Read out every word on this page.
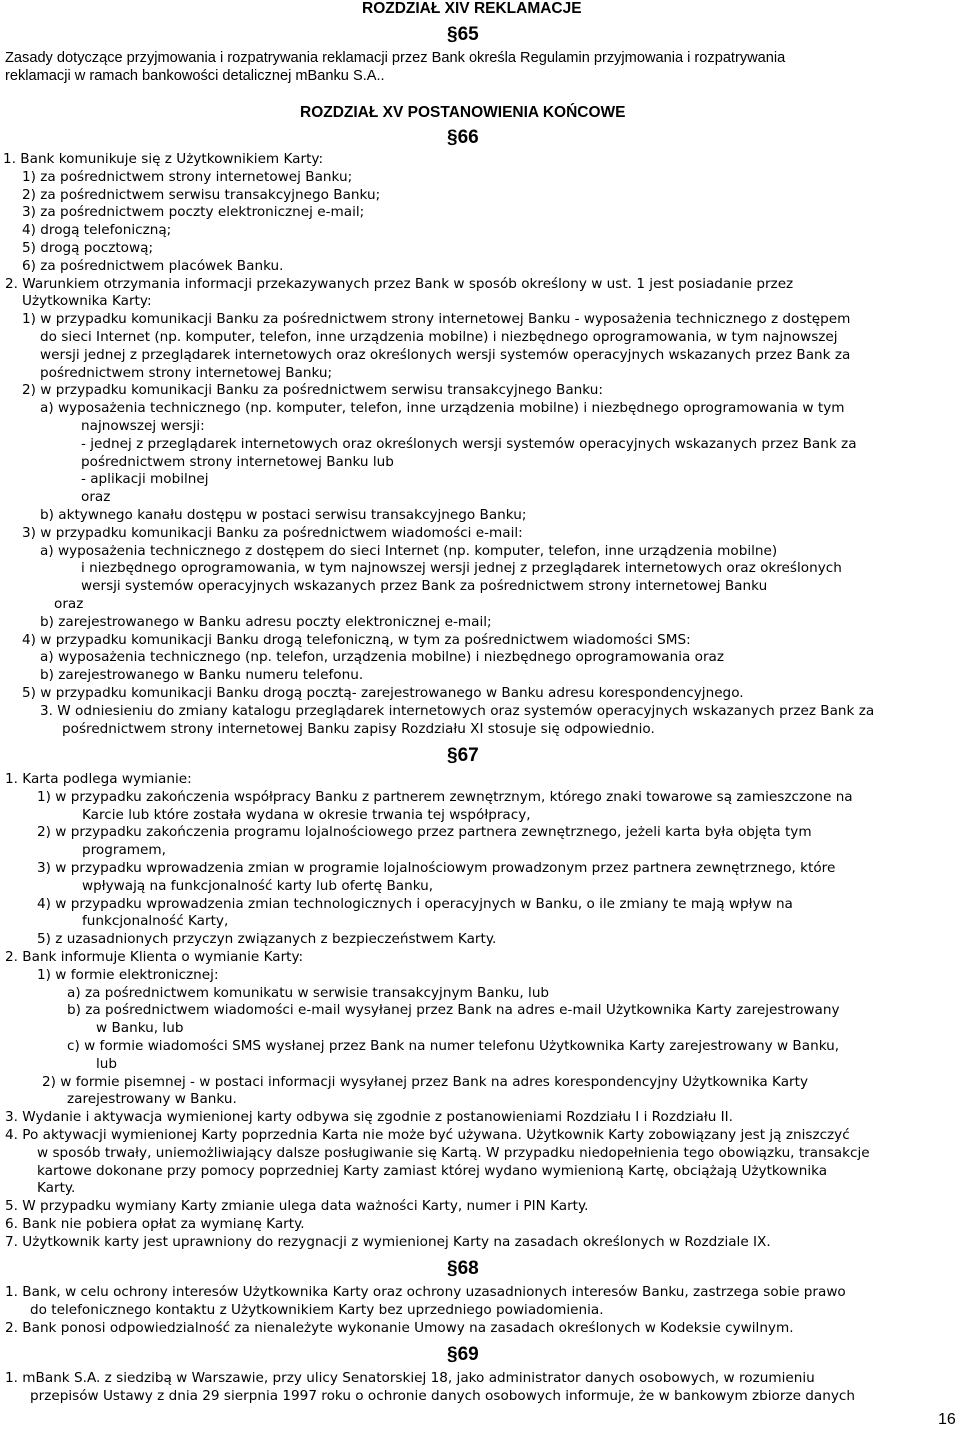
ROZDZIAŁ XIV REKLAMACJE
§65
Zasady dotyczące przyjmowania i rozpatrywania reklamacji przez Bank określa Regulamin przyjmowania i rozpatrywania
reklamacji w ramach bankowości detalicznej mBanku S.A..
ROZDZIAŁ XV POSTANOWIENIA KOŃCOWE
§66
1. Bank komunikuje się z Użytkownikiem Karty:
1) za pośrednictwem strony internetowej Banku;
2) za pośrednictwem serwisu transakcyjnego Banku;
3) za pośrednictwem poczty elektronicznej e-mail;
4) drogą telefoniczną;
5) drogą pocztową;
6) za pośrednictwem placówek Banku.
2. Warunkiem otrzymania informacji przekazywanych przez Bank w sposób określony w ust. 1 jest posiadanie przez
Użytkownika Karty:
1) w przypadku komunikacji Banku za pośrednictwem strony internetowej Banku - wyposażenia technicznego z dostępem
do sieci Internet (np. komputer, telefon, inne urządzenia mobilne) i niezbędnego oprogramowania, w tym najnowszej
wersji jednej z przeglądarek internetowych oraz określonych wersji systemów operacyjnych wskazanych przez Bank za
pośrednictwem strony internetowej Banku;
2) w przypadku komunikacji Banku za pośrednictwem serwisu transakcyjnego Banku:
a) wyposażenia technicznego (np. komputer, telefon, inne urządzenia mobilne) i niezbędnego oprogramowania w tym
najnowszej wersji:
- jednej z przeglądarek internetowych oraz określonych wersji systemów operacyjnych wskazanych przez Bank za
pośrednictwem strony internetowej Banku lub
- aplikacji mobilnej
oraz
b) aktywnego kanału dostępu w postaci serwisu transakcyjnego Banku;
3) w przypadku komunikacji Banku za pośrednictwem wiadomości e-mail:
a) wyposażenia technicznego z dostępem do sieci Internet (np. komputer, telefon, inne urządzenia mobilne)
i niezbędnego oprogramowania, w tym najnowszej wersji jednej z przeglądarek internetowych oraz określonych
wersji systemów operacyjnych wskazanych przez Bank za pośrednictwem strony internetowej Banku
oraz
b) zarejestrowanego w Banku adresu poczty elektronicznej e-mail;
4) w przypadku komunikacji Banku drogą telefoniczną, w tym za pośrednictwem wiadomości SMS:
a) wyposażenia technicznego (np. telefon, urządzenia mobilne) i niezbędnego oprogramowania oraz
b) zarejestrowanego w Banku numeru telefonu.
5) w przypadku komunikacji Banku drogą pocztą- zarejestrowanego w Banku adresu korespondencyjnego.
3. W odniesieniu do zmiany katalogu przeglądarek internetowych oraz systemów operacyjnych wskazanych przez Bank za
pośrednictwem strony internetowej Banku zapisy Rozdziału XI stosuje się odpowiednio.
§67
1. Karta podlega wymianie:
1) w przypadku zakończenia współpracy Banku z partnerem zewnętrznym, którego znaki towarowe są zamieszczone na
Karcie lub które została wydana w okresie trwania tej współpracy,
2) w przypadku zakończenia programu lojalnościowego przez partnera zewnętrznego, jeżeli karta była objęta tym
programem,
3) w przypadku wprowadzenia zmian w programie lojalnościowym prowadzonym przez partnera zewnętrznego, które
wpływają na funkcjonalność karty lub ofertę Banku,
4) w przypadku wprowadzenia zmian technologicznych i operacyjnych w Banku, o ile zmiany te mają wpływ na
funkcjonalność Karty,
5) z uzasadnionych przyczyn związanych z bezpieczeństwem Karty.
2. Bank informuje Klienta o wymianie Karty:
1) w formie elektronicznej:
a) za pośrednictwem komunikatu w serwisie transakcyjnym Banku, lub
b) za pośrednictwem wiadomości e-mail wysyłanej przez Bank na adres e-mail Użytkownika Karty zarejestrowany
w Banku, lub
c) w formie wiadomości SMS wysłanej przez Bank na numer telefonu Użytkownika Karty zarejestrowany w Banku,
lub
2) w formie pisemnej - w postaci informacji wysyłanej przez Bank na adres korespondencyjny Użytkownika Karty
zarejestrowany w Banku.
3. Wydanie i aktywacja wymienionej karty odbywa się zgodnie z postanowieniami Rozdziału I i Rozdziału II.
4. Po aktywacji wymienionej Karty poprzednia Karta nie może być używana. Użytkownik Karty zobowiązany jest ją zniszczyć
w sposób trwały, uniemożliwiający dalsze posługiwanie się Kartą. W przypadku niedopełnienia tego obowiązku, transakcje
kartowe dokonane przy pomocy poprzedniej Karty zamiast której wydano wymienioną Kartę, obciążają Użytkownika
Karty.
5. W przypadku wymiany Karty zmianie ulega data ważności Karty, numer i PIN Karty.
6. Bank nie pobiera opłat za wymianę Karty.
7. Użytkownik karty jest uprawniony do rezygnacji z wymienionej Karty na zasadach określonych w Rozdziale IX.
§68
1. Bank, w celu ochrony interesów Użytkownika Karty oraz ochrony uzasadnionych interesów Banku, zastrzega sobie prawo
do telefonicznego kontaktu z Użytkownikiem Karty bez uprzedniego powiadomienia.
2. Bank ponosi odpowiedzialność za nienależyte wykonanie Umowy na zasadach określonych w Kodeksie cywilnym.
§69
1. mBank S.A. z siedzibą w Warszawie, przy ulicy Senatorskiej 18, jako administrator danych osobowych, w rozumieniu
przepisów Ustawy z dnia 29 sierpnia 1997 roku o ochronie danych osobowych informuje, że w bankowym zbiorze danych
16
